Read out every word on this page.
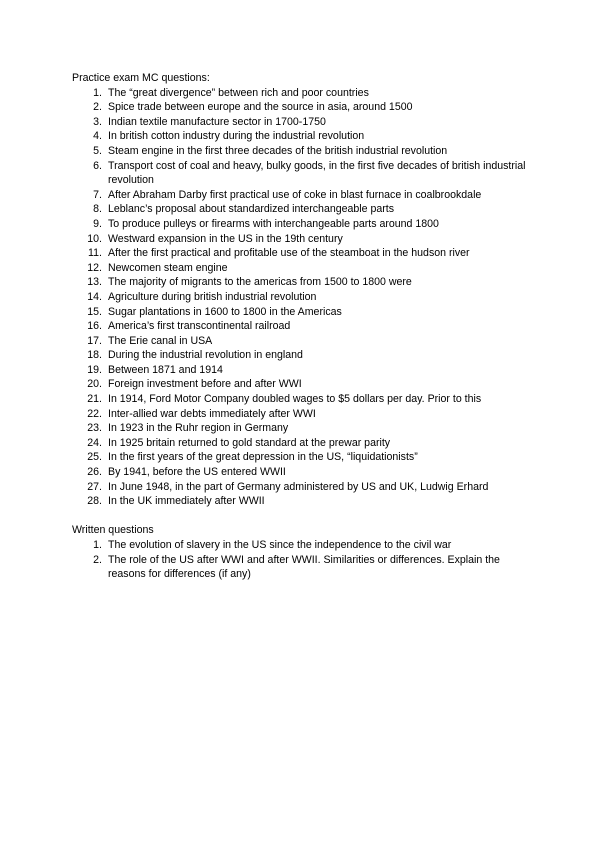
Practice exam MC questions:

1. The “great divergence” between rich and poor countries
2. Spice trade between europe and the source in asia, around 1500
3. Indian textile manufacture sector in 1700-1750
4. In british cotton industry during the industrial revolution
5. Steam engine in the first three decades of the british industrial revolution
6. Transport cost of coal and heavy, bulky goods, in the first five decades of british industrial revolution
7. After Abraham Darby first practical use of coke in blast furnace in coalbrookdale
8. Leblanc’s proposal about standardized interchangeable parts
9. To produce pulleys or firearms with interchangeable parts around 1800
10. Westward expansion in the US in the 19th century
11. After the first practical and profitable use of the steamboat in the hudson river
12. Newcomen steam engine
13. The majority of migrants to the americas from 1500 to 1800 were
14. Agriculture during british industrial revolution
15. Sugar plantations in 1600 to 1800 in the Americas
16. America’s first transcontinental railroad
17. The Erie canal in USA
18. During the industrial revolution in england
19. Between 1871 and 1914
20. Foreign investment before and after WWI
21. In 1914, Ford Motor Company doubled wages to $5 dollars per day. Prior to this
22. Inter-allied war debts immediately after WWI
23. In 1923 in the Ruhr region in Germany
24. In 1925 britain returned to gold standard at the prewar parity
25. In the first years of the great depression in the US, “liquidationists”
26. By 1941, before the US entered WWII
27. In June 1948, in the part of Germany administered by US and UK, Ludwig Erhard
28. In the UK immediately after WWII

Written questions

1. The evolution of slavery in the US since the independence to the civil war
2. The role of the US after WWI and after WWII. Similarities or differences. Explain the reasons for differences (if any)
